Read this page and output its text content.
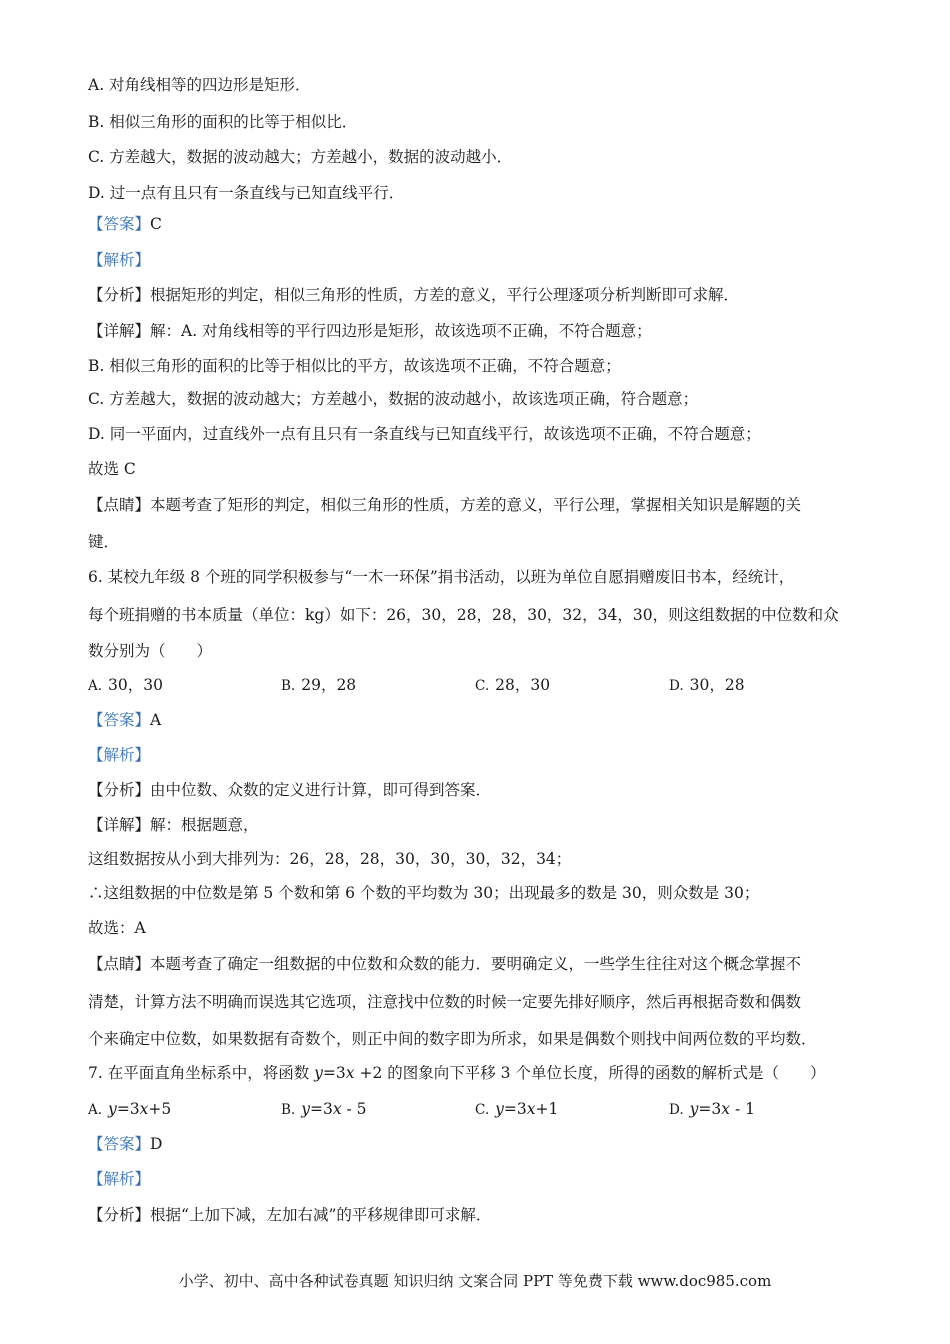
A. 对角线相等的四边形是矩形．
B. 相似三角形的面积的比等于相似比．
C. 方差越大，数据的波动越大；方差越小，数据的波动越小．
D. 过一点有且只有一条直线与已知直线平行．
【答案】C
【解析】
【分析】根据矩形的判定，相似三角形的性质，方差的意义，平行公理逐项分析判断即可求解．
【详解】解：A. 对角线相等的平行四边形是矩形，故该选项不正确，不符合题意；
B. 相似三角形的面积的比等于相似比的平方，故该选项不正确，不符合题意；
C. 方差越大，数据的波动越大；方差越小，数据的波动越小，故该选项正确，符合题意；
D. 同一平面内，过直线外一点有且只有一条直线与已知直线平行，故该选项不正确，不符合题意；
故选 C
【点睛】本题考查了矩形的判定，相似三角形的性质，方差的意义，平行公理，掌握相关知识是解题的关
键．
6. 某校九年级 8 个班的同学积极参与“一木一环保”捐书活动，以班为单位自愿捐赠废旧书本，经统计，
每个班捐赠的书本质量（单位：kg）如下：26，30，28，28，30，32，34，30，则这组数据的中位数和众
数分别为（　　）
A. 30，30	B. 29，28	C. 28，30	D. 30，28
【答案】A
【解析】
【分析】由中位数、众数的定义进行计算，即可得到答案．
【详解】解：根据题意，
这组数据按从小到大排列为：26，28，28，30，30，30，32，34；
∴这组数据的中位数是第 5 个数和第 6 个数的平均数为 30；出现最多的数是 30，则众数是 30；
故选：A
【点睛】本题考查了确定一组数据的中位数和众数的能力．要明确定义，一些学生往往对这个概念掌握不
清楚，计算方法不明确而误选其它选项，注意找中位数的时候一定要先排好顺序，然后再根据奇数和偶数
个来确定中位数，如果数据有奇数个，则正中间的数字即为所求，如果是偶数个则找中间两位数的平均数．
7. 在平面直角坐标系中，将函数 y=3x +2 的图象向下平移 3 个单位长度，所得的函数的解析式是（　　）
A. y=3x+5	B. y=3x - 5	C. y=3x+1	D. y=3x - 1
【答案】D
【解析】
【分析】根据“上加下减，左加右减”的平移规律即可求解．
小学、初中、高中各种试卷真题 知识归纳 文案合同 PPT 等免费下载 www.doc985.com
